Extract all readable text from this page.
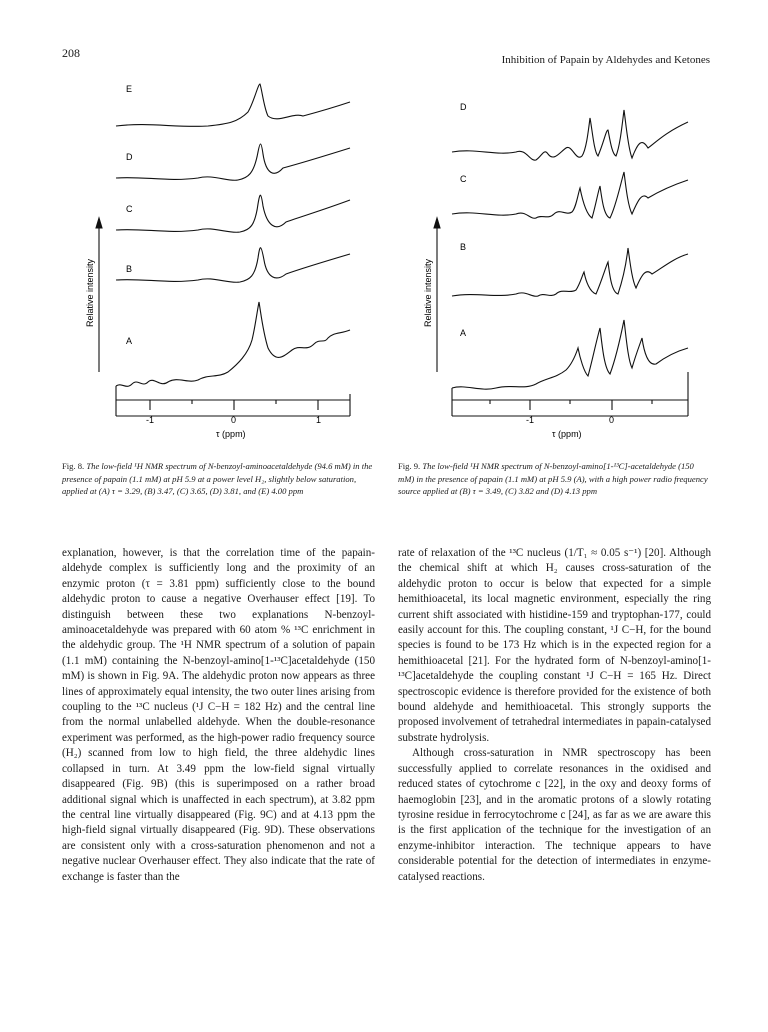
208	Inhibition of Papain by Aldehydes and Ketones
E
D
C
B
A
Relative intensity
-1	0	1
τ (ppm)
Fig. 8. The low-field ¹H NMR spectrum of N-benzoyl-aminoacetaldehyde (94.6 mM) in the presence of papain (1.1 mM) at pH 5.9 at a power level H₂, slightly below saturation, applied at (A) τ = 3.29, (B) 3.47, (C) 3.65, (D) 3.81, and (E) 4.00 ppm
D
C
B
A
Relative intensity
-1	0
τ (ppm)
Fig. 9. The low-field ¹H NMR spectrum of N-benzoyl-amino[1-¹³C]-acetaldehyde (150 mM) in the presence of papain (1.1 mM) at pH 5.9 (A), with a high power radio frequency source applied at (B) τ = 3.49, (C) 3.82 and (D) 4.13 ppm

explanation, however, is that the correlation time of the papain-aldehyde complex is sufficiently long and the proximity of an enzymic proton (τ = 3.81 ppm) sufficiently close to the bound aldehydic proton to cause a negative Overhauser effect [19]. To distinguish between these two explanations N-benzoyl-aminoacetaldehyde was prepared with 60 atom % ¹³C enrichment in the aldehydic group. The ¹H NMR spectrum of a solution of papain (1.1 mM) containing the N-benzoyl-amino[1-¹³C]acetaldehyde (150 mM) is shown in Fig. 9A. The aldehydic proton now appears as three lines of approximately equal intensity, the two outer lines arising from coupling to the ¹³C nucleus (¹J C−H = 182 Hz) and the central line from the normal unlabelled aldehyde. When the double-resonance experiment was performed, as the high-power radio frequency source (H₂) scanned from low to high field, the three aldehydic lines collapsed in turn. At 3.49 ppm the low-field signal virtually disappeared (Fig. 9B) (this is superimposed on a rather broad additional signal which is unaffected in each spectrum), at 3.82 ppm the central line virtually disappeared (Fig. 9C) and at 4.13 ppm the high-field signal virtually disappeared (Fig. 9D). These observations are consistent only with a cross-saturation phenomenon and not a negative nuclear Overhauser effect. They also indicate that the rate of exchange is faster than the

rate of relaxation of the ¹³C nucleus (1/T₁ ≈ 0.05 s⁻¹) [20]. Although the chemical shift at which H₂ causes cross-saturation of the aldehydic proton to occur is below that expected for a simple hemithioacetal, its local magnetic environment, especially the ring current shift associated with histidine-159 and tryptophan-177, could easily account for this. The coupling constant, ¹J C−H, for the bound species is found to be 173 Hz which is in the expected region for a hemithioacetal [21]. For the hydrated form of N-benzoyl-amino[1-¹³C]acetaldehyde the coupling constant ¹J C−H = 165 Hz. Direct spectroscopic evidence is therefore provided for the existence of both bound aldehyde and hemithioacetal. This strongly supports the proposed involvement of tetrahedral intermediates in papain-catalysed substrate hydrolysis.

Although cross-saturation in NMR spectroscopy has been successfully applied to correlate resonances in the oxidised and reduced states of cytochrome c [22], in the oxy and deoxy forms of haemoglobin [23], and in the aromatic protons of a slowly rotating tyrosine residue in ferrocytochrome c [24], as far as we are aware this is the first application of the technique for the investigation of an enzyme-inhibitor interaction. The technique appears to have considerable potential for the detection of intermediates in enzyme-catalysed reactions.
